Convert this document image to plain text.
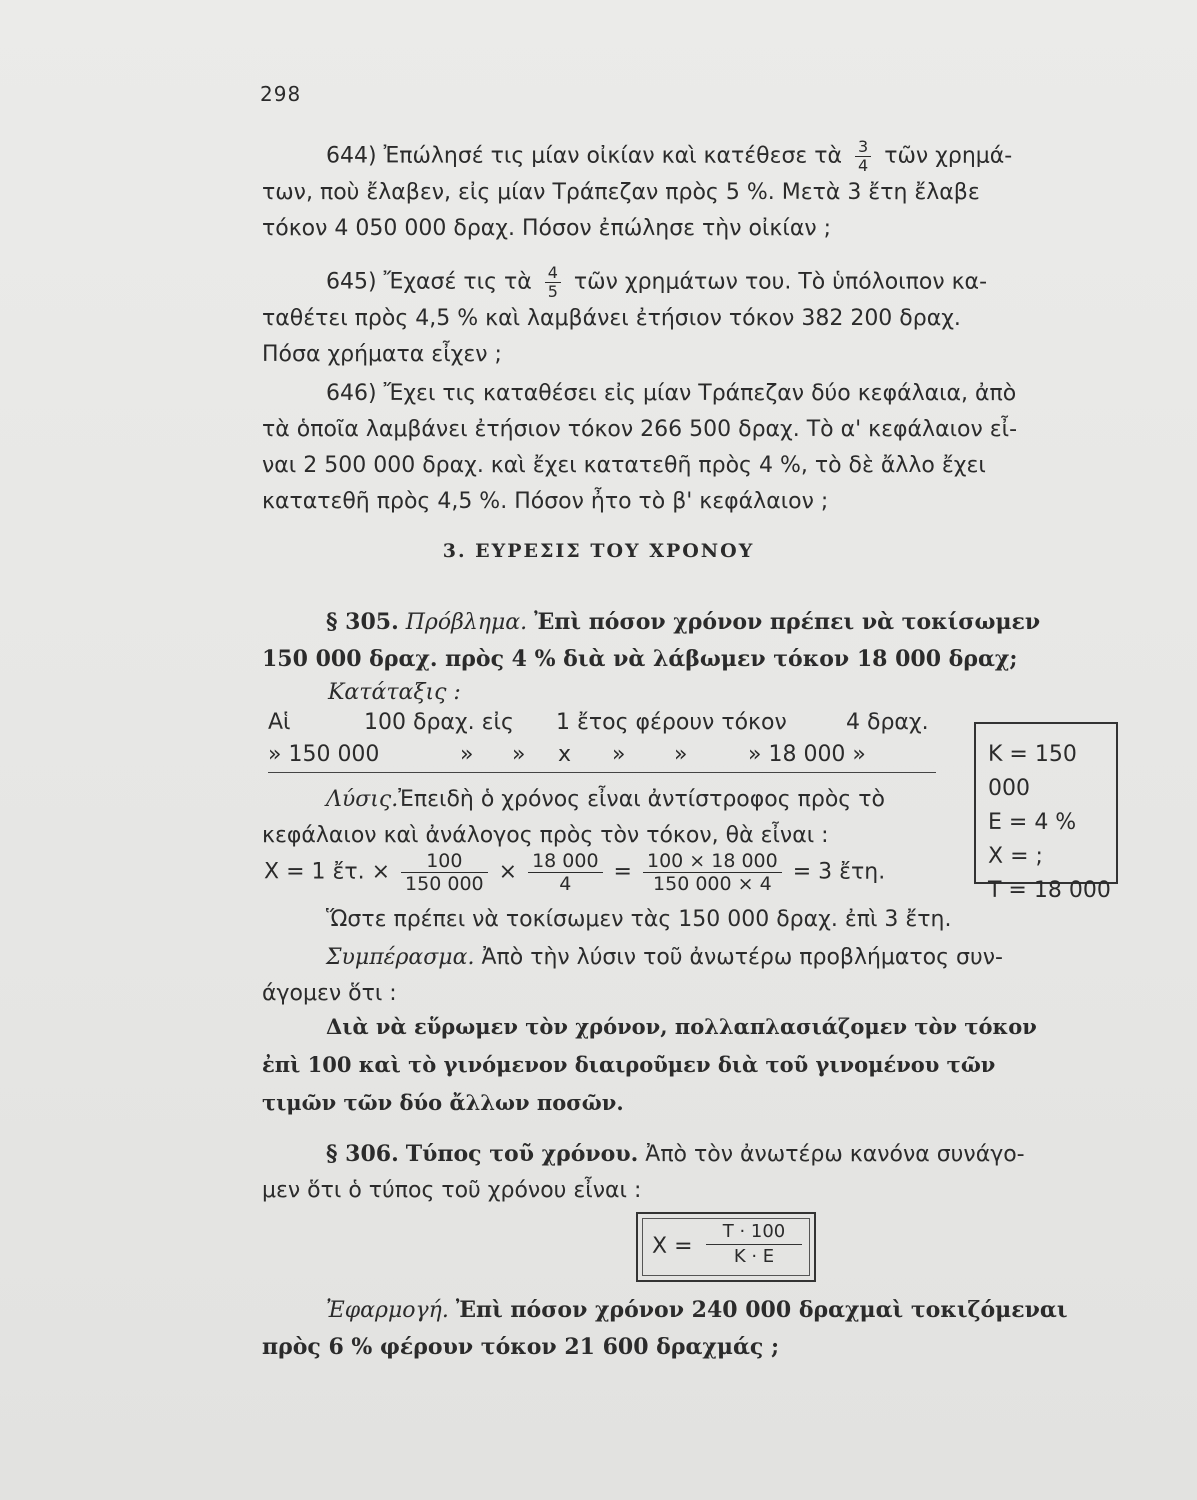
298
644) Ἐπώλησέ τις μίαν οἰκίαν καὶ κατέθεσε τὰ $\frac{3}{4}$ τῶν χρημά-
των, ποὺ ἔλαβεν, εἰς μίαν Τράπεζαν πρὸς 5 %. Μετὰ 3 ἔτη ἔλαβε
τόκον 4 050 000 δραχ. Πόσον ἐπώλησε τὴν οἰκίαν ;
645) Ἔχασέ τις τὰ $\frac{4}{5}$ τῶν χρημάτων του. Τὸ ὑπόλοιπον κα-
ταθέτει πρὸς 4,5 % καὶ λαμβάνει ἐτήσιον τόκον 382 200 δραχ.
Πόσα χρήματα εἶχεν ;
646) Ἔχει τις καταθέσει εἰς μίαν Τράπεζαν δύο κεφάλαια, ἀπὸ
τὰ ὁποῖα λαμβάνει ἐτήσιον τόκον 266 500 δραχ. Τὸ α' κεφάλαιον εἶ-
ναι 2 500 000 δραχ. καὶ ἔχει κατατεθῆ πρὸς 4 %, τὸ δὲ ἄλλο ἔχει
κατατεθῆ πρὸς 4,5 %. Πόσον ἦτο τὸ β' κεφάλαιον ;
3. ΕΥΡΕΣΙΣ ΤΟΥ ΧΡΟΝΟΥ
§ 305. Πρόβλημα. Ἐπὶ πόσον χρόνον πρέπει νὰ τοκίσωμεν
150 000 δραχ. πρὸς 4 % διὰ νὰ λάβωμεν τόκον 18 000 δραχ;
Κατάταξις :
Αἱ	100 δραχ. εἰς 1 ἔτος φέρουν τόκον	4 δραχ.
» 150 000	» » x » »	» 18 000 »	Κ = 150 000
Ε = 4 %
Χ = ;
Τ = 18 000
Λύσις.Ἐπειδὴ ὁ χρόνος εἶναι ἀντίστροφος πρὸς τὸ
κεφάλαιον καὶ ἀνάλογος πρὸς τὸν τόκον, θὰ εἶναι :
Χ = 1 ἔτ. × $\frac{100}{150 000} \times \frac{18 000}{4} = \frac{100 \times 18 000}{150 000 \times 4} = 3$ ἔτη.
Ὥστε πρέπει νὰ τοκίσωμεν τὰς 150 000 δραχ. ἐπὶ 3 ἔτη.
Συμπέρασμα. Ἀπὸ τὴν λύσιν τοῦ ἀνωτέρω προβλήματος συν-
άγομεν ὅτι :
Διὰ νὰ εὕρωμεν τὸν χρόνον, πολλαπλασιάζομεν τὸν τόκον
ἐπὶ 100 καὶ τὸ γινόμενον διαιροῦμεν διὰ τοῦ γινομένου τῶν
τιμῶν τῶν δύο ἄλλων ποσῶν.
§ 306. Τύπος τοῦ χρόνου. Ἀπὸ τὸν ἀνωτέρω κανόνα συνάγο-
μεν ὅτι ὁ τύπος τοῦ χρόνου εἶναι :
Χ =
Τ · 100
Κ · Ε
Ἐφαρμογή. Ἐπὶ πόσον χρόνον 240 000 δραχμαὶ τοκιζόμεναι
πρὸς 6 % φέρουν τόκον 21 600 δραχμάς ;
